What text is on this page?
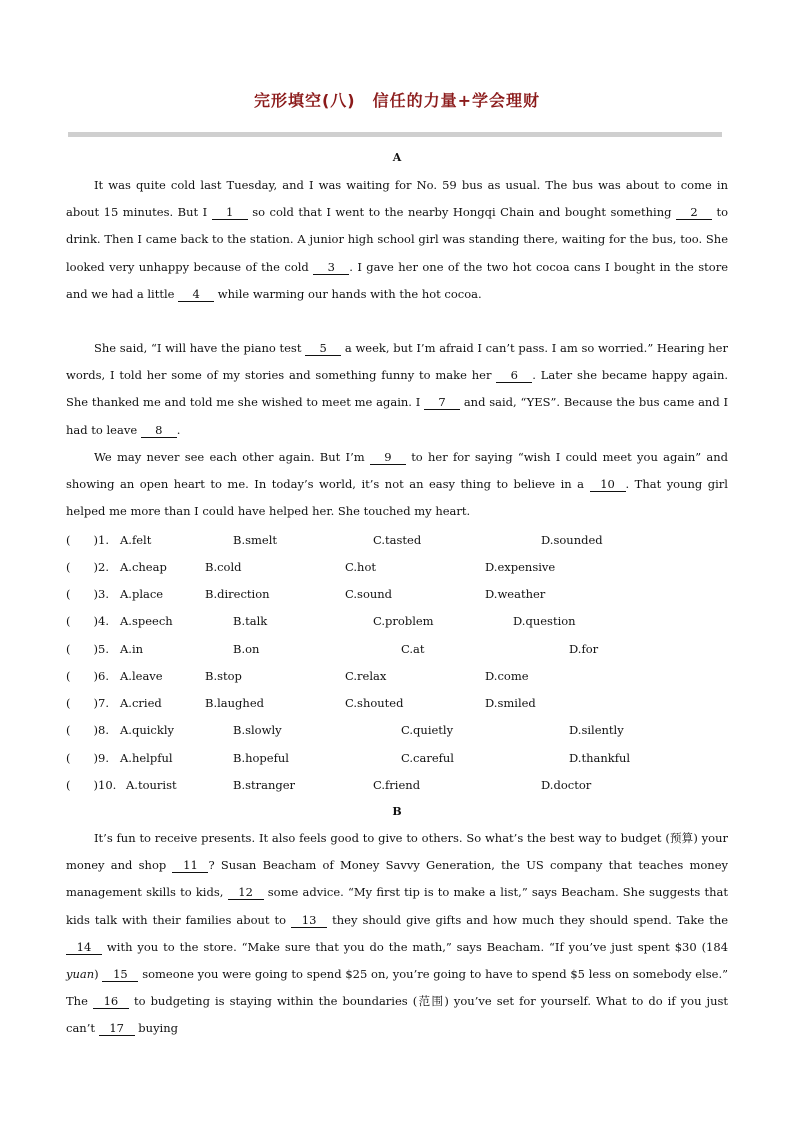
完形填空(八)　信任的力量+学会理财
A
It was quite cold last Tuesday, and I was waiting for No. 59 bus as usual. The bus was about to come in about 15 minutes. But I 1 so cold that I went to the nearby Hongqi Chain and bought something 2 to drink. Then I came back to the station. A junior high school girl was standing there, waiting for the bus, too. She looked very unhappy because of the cold 3 . I gave her one of the two hot cocoa cans I bought in the store and we had a little 4 while warming our hands with the hot cocoa.
She said, “I will have the piano test 5 a week, but I’m afraid I can’t pass. I am so worried.” Hearing her words, I told her some of my stories and something funny to make her 6 . Later she became happy again. She thanked me and told me she wished to meet me again. I 7 and said, “YES”. Because the bus came and I had to leave 8 .
We may never see each other again. But I’m 9 to her for saying “wish I could meet you again” and showing an open heart to me. In today’s world, it’s not an easy thing to believe in a 10 . That young girl helped me more than I could have helped her. She touched my heart.
(　　) 1. A.felt	B.smelt	C.tasted	D.sounded
(　　) 2. A.cheap	B.cold	C.hot	D.expensive
(　　) 3. A.place	B.direction	C.sound	D.weather
(　　) 4. A.speech	B.talk	C.problem	D.question
(　　) 5. A.in	B.on	C.at	D.for
(　　) 6. A.leave	B.stop	C.relax	D.come
(　　) 7. A.cried	B.laughed	C.shouted	D.smiled
(　　) 8. A.quickly	B.slowly	C.quietly	D.silently
(　　) 9. A.helpful	B.hopeful	C.careful	D.thankful
(　　) 10. A.tourist	B.stranger	C.friend	D.doctor
B
It’s fun to receive presents. It also feels good to give to others. So what’s the best way to budget (预算) your money and shop 11 ? Susan Beacham of Money Savvy Generation, the US company that teaches money management skills to kids, 12 some advice. “My first tip is to make a list,” says Beacham. She suggests that kids talk with their families about to 13 they should give gifts and how much they should spend. Take the 14 with you to the store. “Make sure that you do the math,” says Beacham. “If you’ve just spent $30 (184 yuan) 15 someone you were going to spend $25 on, you’re going to have to spend $5 less on somebody else.” The 16 to budgeting is staying within the boundaries (范围) you’ve set for yourself. What to do if you just can’t 17 buying
